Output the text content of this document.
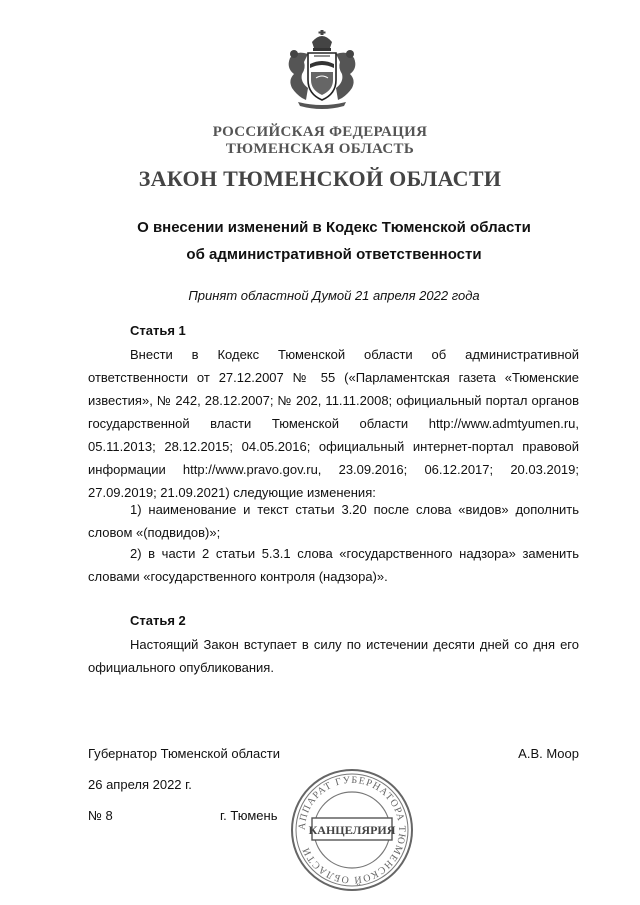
РОССИЙСКАЯ ФЕДЕРАЦИЯ
ТЮМЕНСКАЯ ОБЛАСТЬ
ЗАКОН ТЮМЕНСКОЙ ОБЛАСТИ
О внесении изменений в Кодекс Тюменской области
об административной ответственности
Принят областной Думой 21 апреля 2022 года
Статья 1

Внести в Кодекс Тюменской области об административной ответственности от 27.12.2007 № 55 («Парламентская газета «Тюменские известия», № 242, 28.12.2007; № 202, 11.11.2008; официальный портал органов государственной власти Тюменской области http://www.admtyumen.ru, 05.11.2013; 28.12.2015; 04.05.2016; официальный интернет-портал правовой информации http://www.pravo.gov.ru, 23.09.2016; 06.12.2017; 20.03.2019; 27.09.2019; 21.09.2021) следующие изменения:

1) наименование и текст статьи 3.20 после слова «видов» дополнить словом «(подвидов)»;

2) в части 2 статьи 5.3.1 слова «государственного надзора» заменить словами «государственного контроля (надзора)».

Статья 2

Настоящий Закон вступает в силу по истечении десяти дней со дня его официального опубликования.

Губернатор Тюменской области	А.В. Моор
26 апреля 2022 г.
№ 8	г. Тюмень
АППАРАТ ГУБЕРНАТОРА ТЮМЕНСКОЙ ОБЛАСТИ
КАНЦЕЛЯРИЯ
